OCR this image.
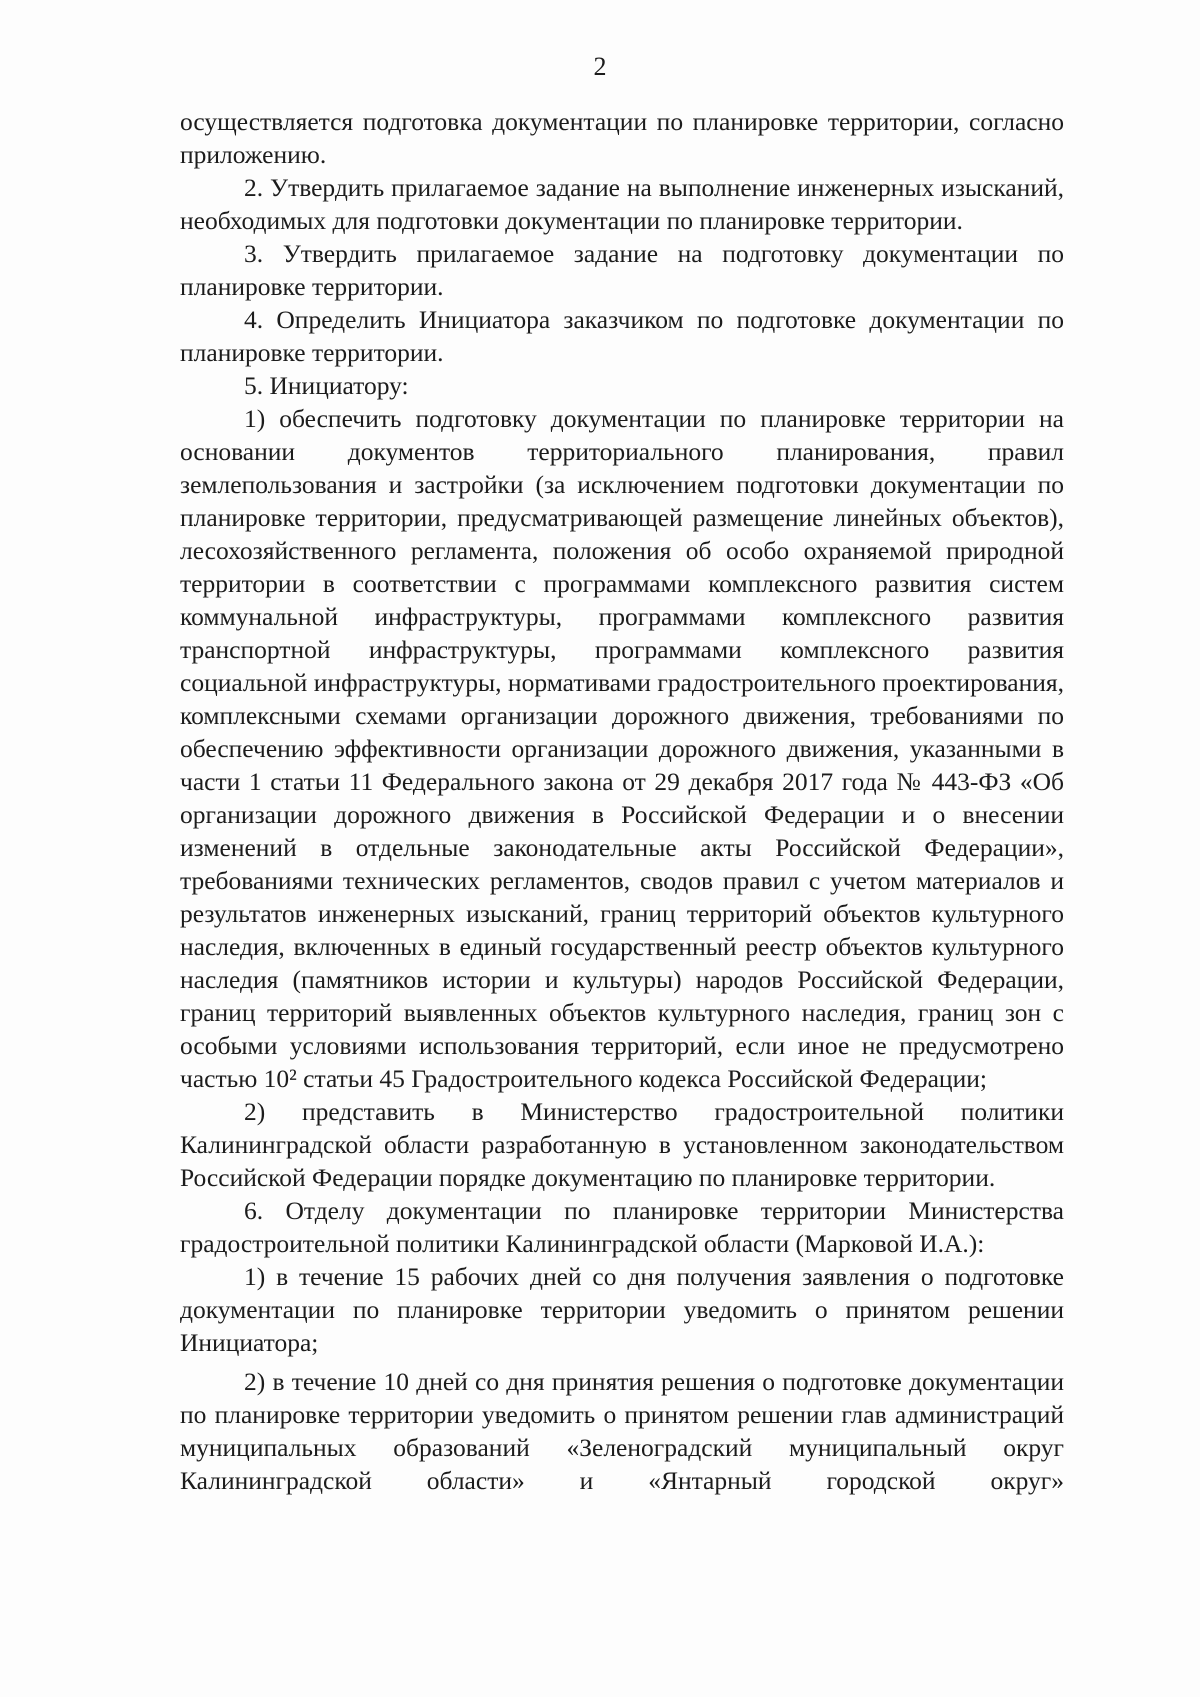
2

осуществляется подготовка документации по планировке территории, согласно приложению.

2. Утвердить прилагаемое задание на выполнение инженерных изысканий, необходимых для подготовки документации по планировке территории.

3. Утвердить прилагаемое задание на подготовку документации по планировке территории.

4. Определить Инициатора заказчиком по подготовке документации по планировке территории.

5. Инициатору:

1) обеспечить подготовку документации по планировке территории на основании документов территориального планирования, правил землепользования и застройки (за исключением подготовки документации по планировке территории, предусматривающей размещение линейных объектов), лесохозяйственного регламента, положения об особо охраняемой природной территории в соответствии с программами комплексного развития систем коммунальной инфраструктуры, программами комплексного развития транспортной инфраструктуры, программами комплексного развития социальной инфраструктуры, нормативами градостроительного проектирования, комплексными схемами организации дорожного движения, требованиями по обеспечению эффективности организации дорожного движения, указанными в части 1 статьи 11 Федерального закона от 29 декабря 2017 года № 443-ФЗ «Об организации дорожного движения в Российской Федерации и о внесении изменений в отдельные законодательные акты Российской Федерации», требованиями технических регламентов, сводов правил с учетом материалов и результатов инженерных изысканий, границ территорий объектов культурного наследия, включенных в единый государственный реестр объектов культурного наследия (памятников истории и культуры) народов Российской Федерации, границ территорий выявленных объектов культурного наследия, границ зон с особыми условиями использования территорий, если иное не предусмотрено частью 10² статьи 45 Градостроительного кодекса Российской Федерации;

2) представить в Министерство градостроительной политики Калининградской области разработанную в установленном законодательством Российской Федерации порядке документацию по планировке территории.

6. Отделу документации по планировке территории Министерства градостроительной политики Калининградской области (Марковой И.А.):

1) в течение 15 рабочих дней со дня получения заявления о подготовке документации по планировке территории уведомить о принятом решении Инициатора;

2) в течение 10 дней со дня принятия решения о подготовке документации по планировке территории уведомить о принятом решении глав администраций муниципальных образований «Зеленоградский муниципальный округ Калининградской области» и «Янтарный городской округ»
